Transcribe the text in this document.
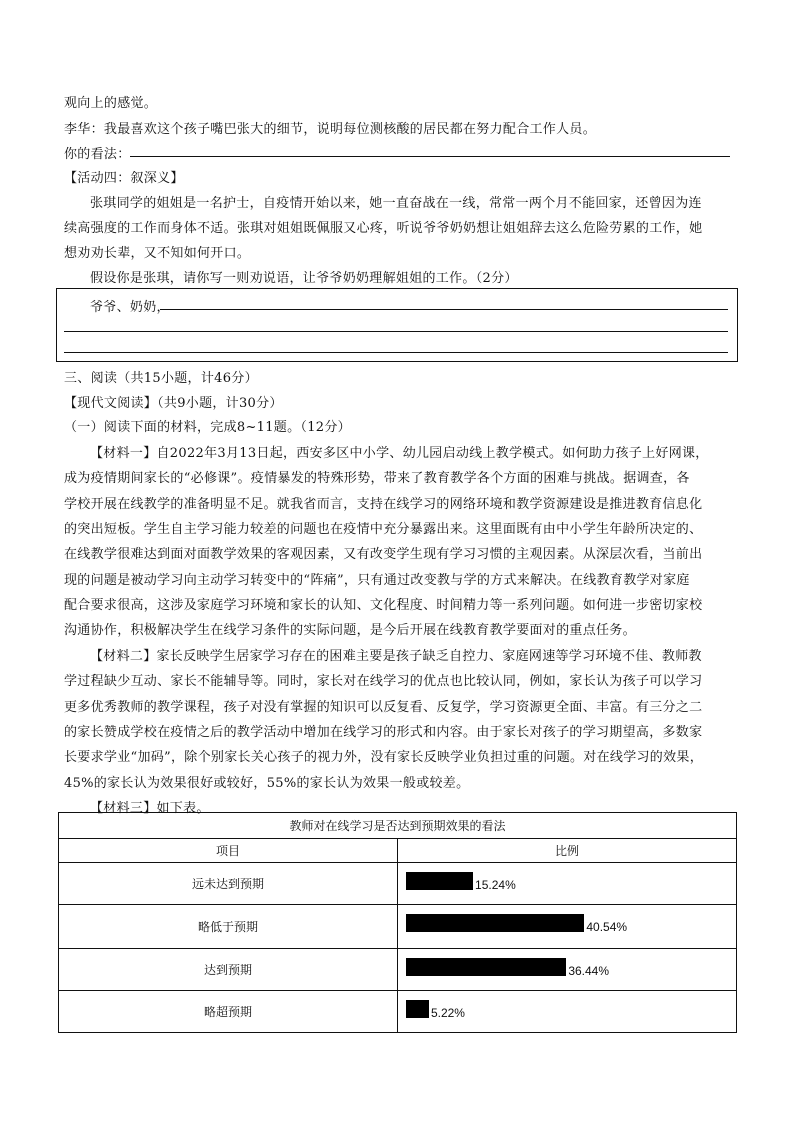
观向上的感觉。
李华：我最喜欢这个孩子嘴巴张大的细节，说明每位测核酸的居民都在努力配合工作人员。
你的看法：
【活动四：叙深义】
张琪同学的姐姐是一名护士，自疫情开始以来，她一直奋战在一线，常常一两个月不能回家，还曾因为连
续高强度的工作而身体不适。张琪对姐姐既佩服又心疼，听说爷爷奶奶想让姐姐辞去这么危险劳累的工作，她
想劝劝长辈，又不知如何开口。
假设你是张琪，请你写一则劝说语，让爷爷奶奶理解姐姐的工作。（2分）
爷爷、奶奶，
三、阅读（共15小题，计46分）
【现代文阅读】（共9小题，计30分）
（一）阅读下面的材料，完成8~11题。（12分）
【材料一】自2022年3月13日起，西安多区中小学、幼儿园启动线上教学模式。如何助力孩子上好网课，
成为疫情期间家长的“必修课”。疫情暴发的特殊形势，带来了教育教学各个方面的困难与挑战。据调查，各
学校开展在线教学的准备明显不足。就我省而言，支持在线学习的网络环境和教学资源建设是推进教育信息化
的突出短板。学生自主学习能力较差的问题也在疫情中充分暴露出来。这里面既有由中小学生年龄所决定的、
在线教学很难达到面对面教学效果的客观因素，又有改变学生现有学习习惯的主观因素。从深层次看，当前出
现的问题是被动学习向主动学习转变中的“阵痛”，只有通过改变教与学的方式来解决。在线教育教学对家庭
配合要求很高，这涉及家庭学习环境和家长的认知、文化程度、时间精力等一系列问题。如何进一步密切家校
沟通协作，积极解决学生在线学习条件的实际问题，是今后开展在线教育教学要面对的重点任务。
【材料二】家长反映学生居家学习存在的困难主要是孩子缺乏自控力、家庭网速等学习环境不佳、教师教
学过程缺少互动、家长不能辅导等。同时，家长对在线学习的优点也比较认同，例如，家长认为孩子可以学习
更多优秀教师的教学课程，孩子对没有掌握的知识可以反复看、反复学，学习资源更全面、丰富。有三分之二
的家长赞成学校在疫情之后的教学活动中增加在线学习的形式和内容。由于家长对孩子的学习期望高，多数家
长要求学业“加码”，除个别家长关心孩子的视力外，没有家长反映学业负担过重的问题。对在线学习的效果，
45%的家长认为效果很好或较好，55%的家长认为效果一般或较差。
【材料三】如下表。
教师对在线学习是否达到预期效果的看法	
项目	比例
远未达到预期	15.24%

略低于预期	40.54%

达到预期	36.44%

略超预期	5.22%
